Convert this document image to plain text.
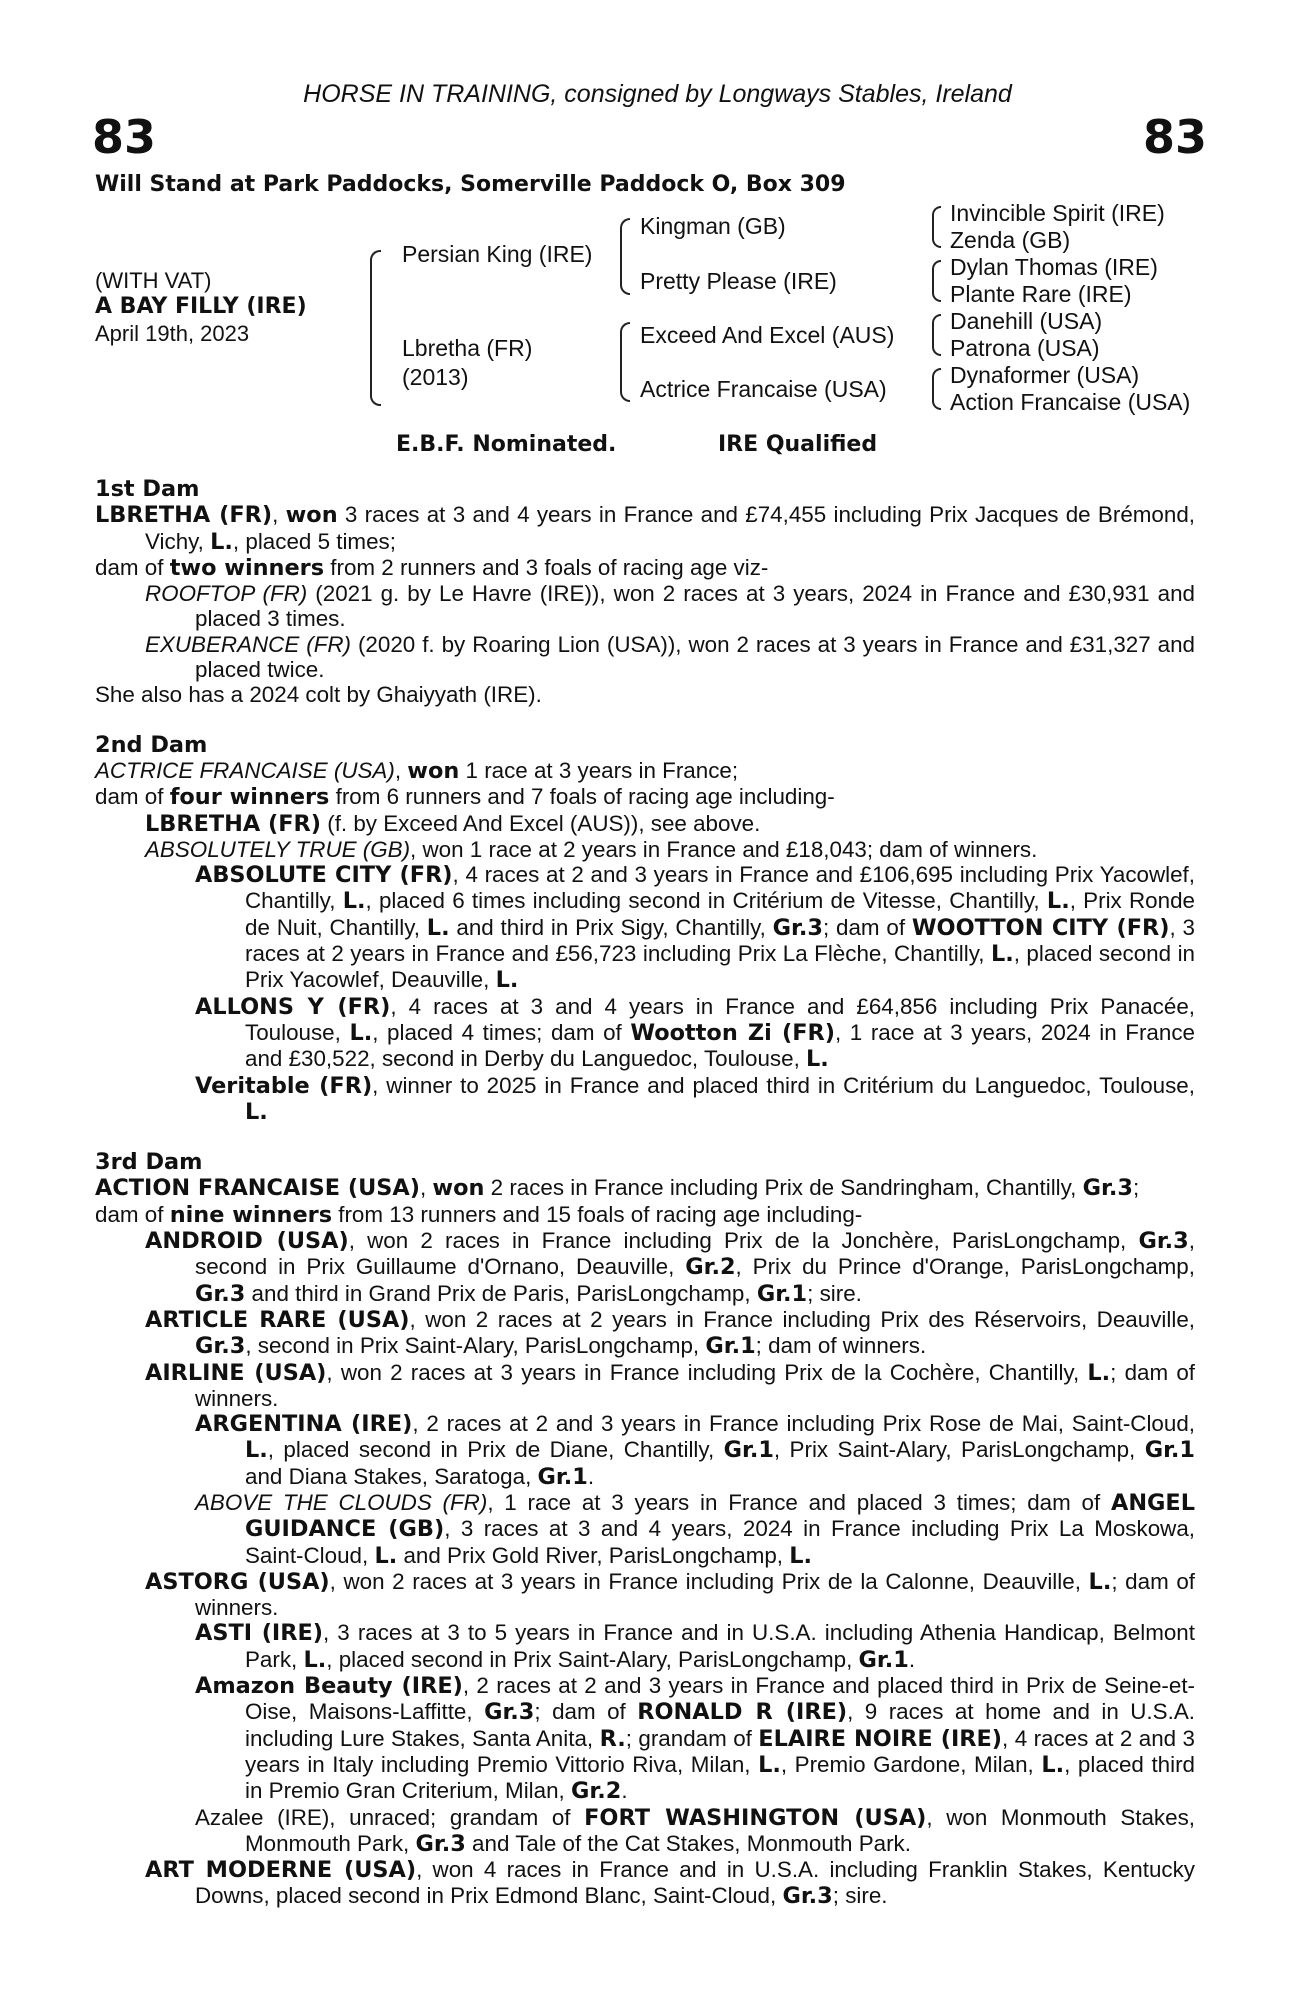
HORSE IN TRAINING, consigned by Longways Stables, Ireland
83	83
Will Stand at Park Paddocks, Somerville Paddock O, Box 309
(WITH VAT)
A BAY FILLY (IRE)
April 19th, 2023
Persian King (IRE)
Lbretha (FR)
(2013)
Kingman (GB)
Pretty Please (IRE)
Exceed And Excel (AUS)
Actrice Francaise (USA)
Invincible Spirit (IRE)
Zenda (GB)
Dylan Thomas (IRE)
Plante Rare (IRE)
Danehill (USA)
Patrona (USA)
Dynaformer (USA)
Action Francaise (USA)
E.B.F. Nominated.	IRE Qualified

1st Dam

LBRETHA (FR), won 3 races at 3 and 4 years in France and £74,455 including Prix Jacques de Brémond, Vichy, L., placed 5 times;

dam of two winners from 2 runners and 3 foals of racing age viz-

ROOFTOP (FR) (2021 g. by Le Havre (IRE)), won 2 races at 3 years, 2024 in France and £30,931 and placed 3 times.

EXUBERANCE (FR) (2020 f. by Roaring Lion (USA)), won 2 races at 3 years in France and £31,327 and placed twice.

She also has a 2024 colt by Ghaiyyath (IRE).

2nd Dam

ACTRICE FRANCAISE (USA), won 1 race at 3 years in France;

dam of four winners from 6 runners and 7 foals of racing age including-

LBRETHA (FR) (f. by Exceed And Excel (AUS)), see above.

ABSOLUTELY TRUE (GB), won 1 race at 2 years in France and £18,043; dam of winners.

ABSOLUTE CITY (FR), 4 races at 2 and 3 years in France and £106,695 including Prix Yacowlef, Chantilly, L., placed 6 times including second in Critérium de Vitesse, Chantilly, L., Prix Ronde de Nuit, Chantilly, L. and third in Prix Sigy, Chantilly, Gr.3; dam of WOOTTON CITY (FR), 3 races at 2 years in France and £56,723 including Prix La Flèche, Chantilly, L., placed second in Prix Yacowlef, Deauville, L.

ALLONS Y (FR), 4 races at 3 and 4 years in France and £64,856 including Prix Panacée, Toulouse, L., placed 4 times; dam of Wootton Zi (FR), 1 race at 3 years, 2024 in France and £30,522, second in Derby du Languedoc, Toulouse, L.

Veritable (FR), winner to 2025 in France and placed third in Critérium du Languedoc, Toulouse, L.

3rd Dam

ACTION FRANCAISE (USA), won 2 races in France including Prix de Sandringham, Chantilly, Gr.3;

dam of nine winners from 13 runners and 15 foals of racing age including-

ANDROID (USA), won 2 races in France including Prix de la Jonchère, ParisLongchamp, Gr.3, second in Prix Guillaume d'Ornano, Deauville, Gr.2, Prix du Prince d'Orange, ParisLongchamp, Gr.3 and third in Grand Prix de Paris, ParisLongchamp, Gr.1; sire.

ARTICLE RARE (USA), won 2 races at 2 years in France including Prix des Réservoirs, Deauville, Gr.3, second in Prix Saint-Alary, ParisLongchamp, Gr.1; dam of winners.

AIRLINE (USA), won 2 races at 3 years in France including Prix de la Cochère, Chantilly, L.; dam of winners.

ARGENTINA (IRE), 2 races at 2 and 3 years in France including Prix Rose de Mai, Saint-Cloud, L., placed second in Prix de Diane, Chantilly, Gr.1, Prix Saint-Alary, ParisLongchamp, Gr.1 and Diana Stakes, Saratoga, Gr.1.

ABOVE THE CLOUDS (FR), 1 race at 3 years in France and placed 3 times; dam of ANGEL GUIDANCE (GB), 3 races at 3 and 4 years, 2024 in France including Prix La Moskowa, Saint-Cloud, L. and Prix Gold River, ParisLongchamp, L.

ASTORG (USA), won 2 races at 3 years in France including Prix de la Calonne, Deauville, L.; dam of winners.

ASTI (IRE), 3 races at 3 to 5 years in France and in U.S.A. including Athenia Handicap, Belmont Park, L., placed second in Prix Saint-Alary, ParisLongchamp, Gr.1.

Amazon Beauty (IRE), 2 races at 2 and 3 years in France and placed third in Prix de Seine-et-Oise, Maisons-Laffitte, Gr.3; dam of RONALD R (IRE), 9 races at home and in U.S.A. including Lure Stakes, Santa Anita, R.; grandam of ELAIRE NOIRE (IRE), 4 races at 2 and 3 years in Italy including Premio Vittorio Riva, Milan, L., Premio Gardone, Milan, L., placed third in Premio Gran Criterium, Milan, Gr.2.

Azalee (IRE), unraced; grandam of FORT WASHINGTON (USA), won Monmouth Stakes, Monmouth Park, Gr.3 and Tale of the Cat Stakes, Monmouth Park.

ART MODERNE (USA), won 4 races in France and in U.S.A. including Franklin Stakes, Kentucky Downs, placed second in Prix Edmond Blanc, Saint-Cloud, Gr.3; sire.
